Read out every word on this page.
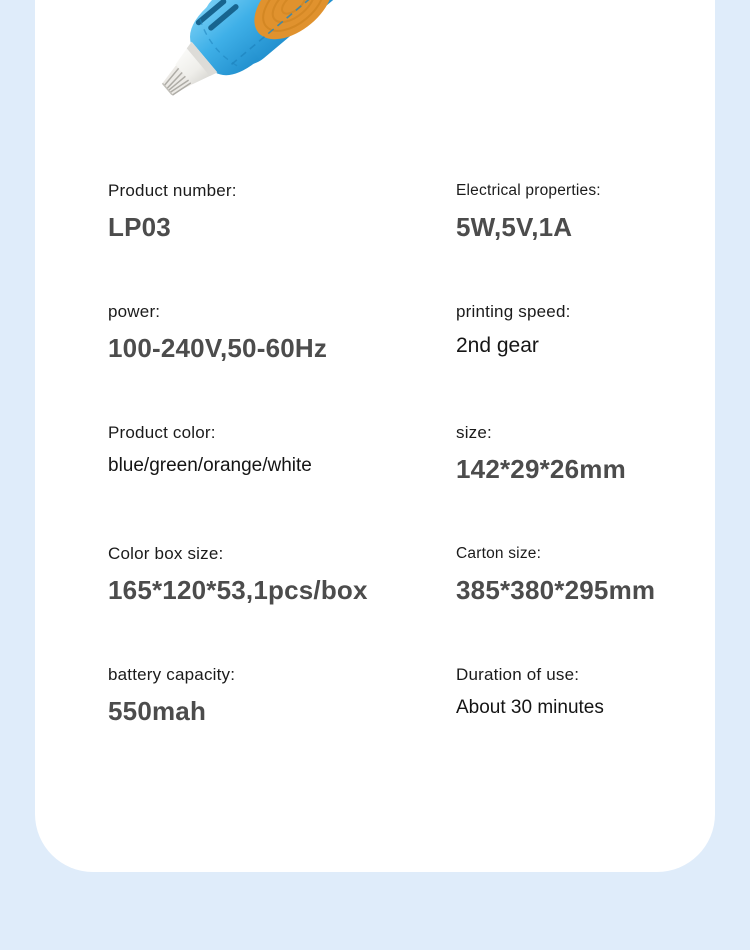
Product number:
LP03
Electrical properties:
5W,5V,1A
power:
100-240V,50-60Hz
printing speed:
2nd gear
Product color:
blue/green/orange/white
size:
142*29*26mm
Color box size:
165*120*53,1pcs/box
Carton size:
385*380*295mm
battery capacity:
550mah
Duration of use:
About 30 minutes
